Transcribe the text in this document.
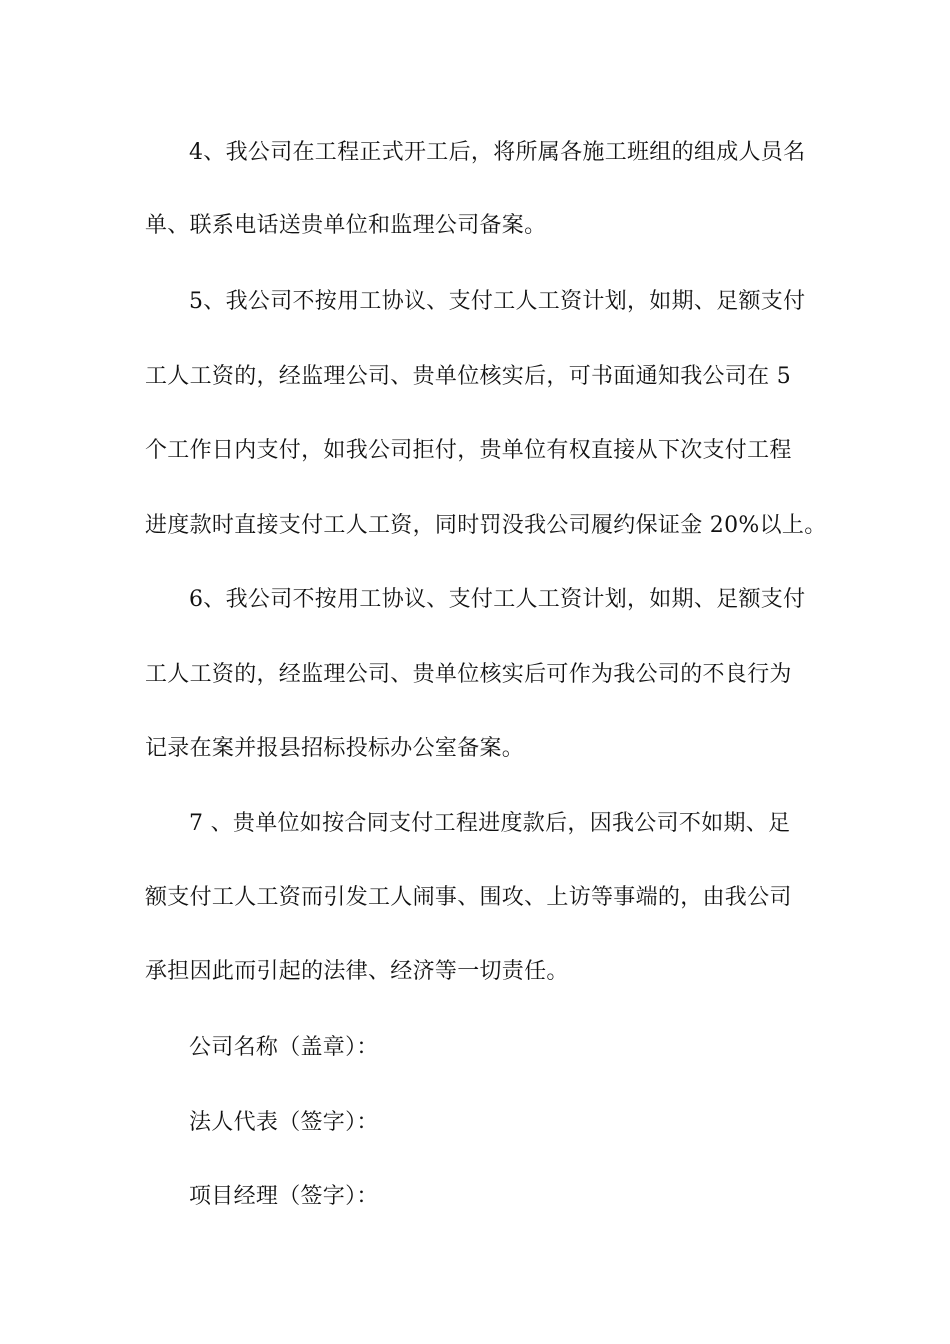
4、我公司在工程正式开工后，将所属各施工班组的组成人员名
单、联系电话送贵单位和监理公司备案。
5、我公司不按用工协议、支付工人工资计划，如期、足额支付
工人工资的，经监理公司、贵单位核实后，可书面通知我公司在 5
个工作日内支付，如我公司拒付，贵单位有权直接从下次支付工程
进度款时直接支付工人工资，同时罚没我公司履约保证金 20%以上。
6、我公司不按用工协议、支付工人工资计划，如期、足额支付
工人工资的，经监理公司、贵单位核实后可作为我公司的不良行为
记录在案并报县招标投标办公室备案。
7 、贵单位如按合同支付工程进度款后，因我公司不如期、足
额支付工人工资而引发工人闹事、围攻、上访等事端的，由我公司
承担因此而引起的法律、经济等一切责任。
公司名称（盖章）：
法人代表（签字）：
项目经理（签字）：
